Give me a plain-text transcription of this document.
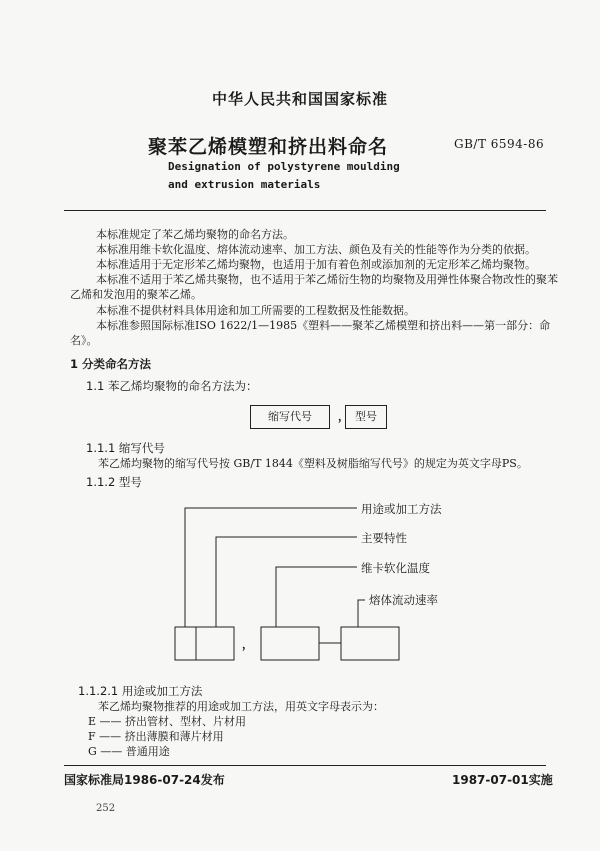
中华人民共和国国家标准
聚苯乙烯模塑和挤出料命名	GB/T 6594-86
Designation of polystyrene moulding
and extrusion materials
本标准规定了苯乙烯均聚物的命名方法。
本标准用维卡软化温度、熔体流动速率、加工方法、颜色及有关的性能等作为分类的依据。
本标准适用于无定形苯乙烯均聚物，也适用于加有着色剂或添加剂的无定形苯乙烯均聚物。
本标准不适用于苯乙烯共聚物，也不适用于苯乙烯衍生物的均聚物及用弹性体聚合物改性的聚苯
乙烯和发泡用的聚苯乙烯。
本标准不提供材料具体用途和加工所需要的工程数据及性能数据。
本标准参照国际标准ISO 1622/1—1985《塑料——聚苯乙烯模塑和挤出料——第一部分：命
名》。
1 分类命名方法
1.1 苯乙烯均聚物的命名方法为：
缩写代号	， 型号
1.1.1 缩写代号
苯乙烯均聚物的缩写代号按 GB/T 1844《塑料及树脂缩写代号》的规定为英文字母PS。
1.1.2 型号
，
用途或加工方法
主要特性
维卡软化温度
熔体流动速率
1.1.2.1 用途或加工方法
苯乙烯均聚物推荐的用途或加工方法，用英文字母表示为：
E —— 挤出管材、型材、片材用
F —— 挤出薄膜和薄片材用
G —— 普通用途
国家标准局1986-07-24发布	1987-07-01实施
252
